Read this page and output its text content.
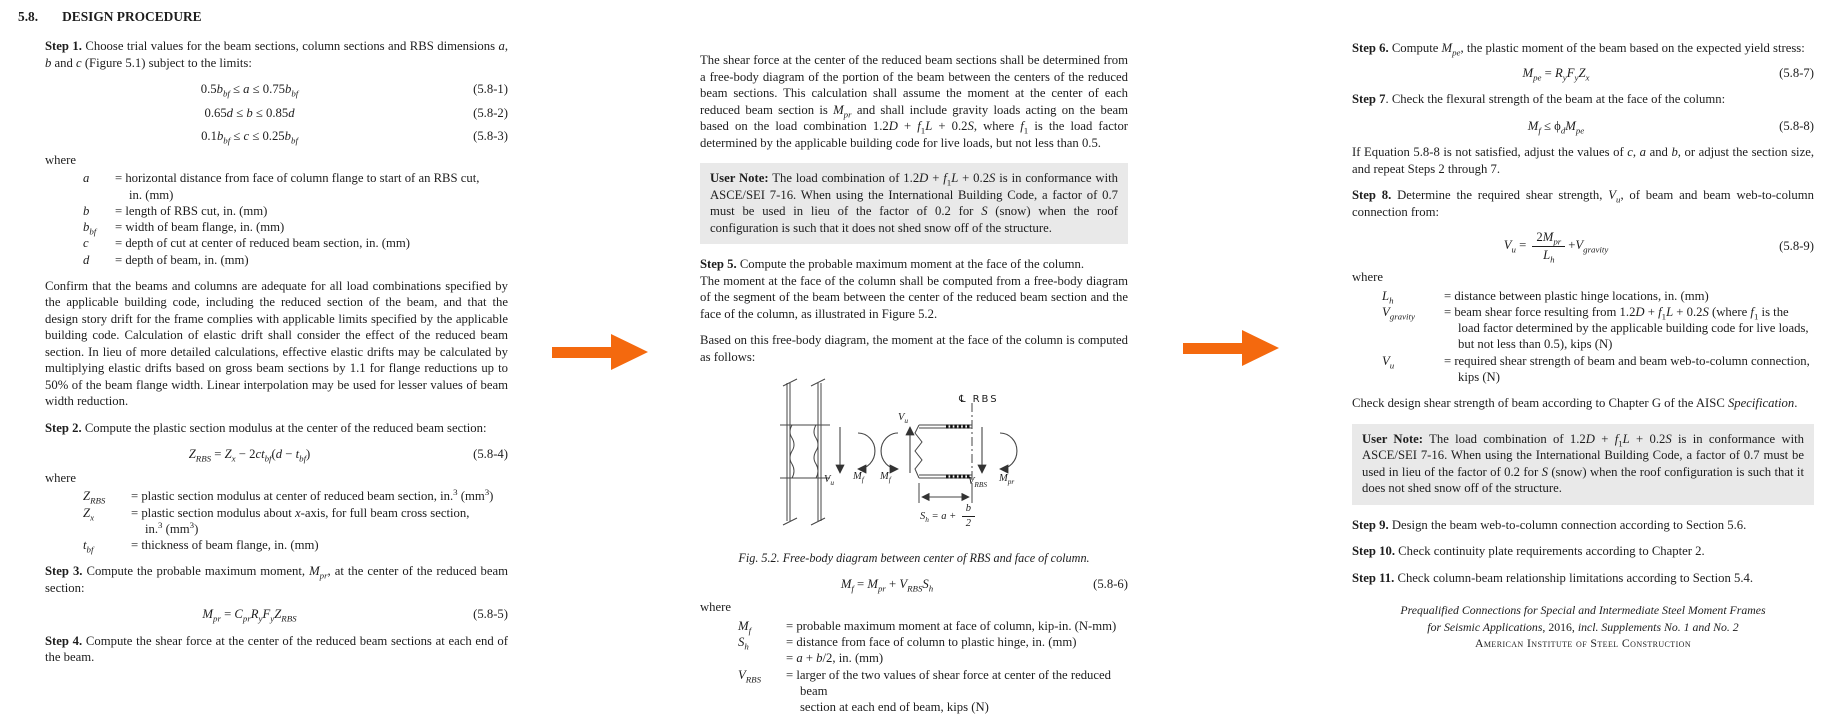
5.8. DESIGN PROCEDURE
Step 1. Choose trial values for the beam sections, column sections and RBS dimensions a, b and c (Figure 5.1) subject to the limits:
$0.5b_{bf} \le a \le 0.75b_{bf}$	(5.8-1)
0.65d ≤ b ≤ 0.85d	(5.8-2)
$0.1b_{bf} \le c \le 0.25b_{bf}$	(5.8-3)
where
a	= horizontal distance from face of column flange to start of an RBS cut,
in. (mm)
b	= length of RBS cut, in. (mm)
$b_{bf}$	= width of beam flange, in. (mm)
c	= depth of cut at center of reduced beam section, in. (mm)
d	= depth of beam, in. (mm)
Confirm that the beams and columns are adequate for all load combinations specified by the applicable building code, including the reduced section of the beam, and that the design story drift for the frame complies with applicable limits specified by the applicable building code. Calculation of elastic drift shall consider the effect of the reduced beam section. In lieu of more detailed calculations, effective elastic drifts may be calculated by multiplying elastic drifts based on gross beam sections by 1.1 for flange reductions up to 50% of the beam flange width. Linear interpolation may be used for lesser values of beam width reduction.
Step 2. Compute the plastic section modulus at the center of the reduced beam section:
$Z_{RBS} = Z_x - 2ct_{bf}(d - t_{bf})$	(5.8-4)
where
$Z_{RBS}$	= plastic section modulus at center of reduced beam section, in.$^3$ $(mm^3)$
$Z_x$	= plastic section modulus about x-axis, for full beam cross section,
in.$^3$ $(mm^3)$
$t_{bf}$	= thickness of beam flange, in. (mm)
Step 3. Compute the probable maximum moment, $M_{pr}$, at the center of the reduced beam section:
$M_{pr} = C_{pr}R_yF_yZ_{RBS}$	(5.8-5)
Step 4. Compute the shear force at the center of the reduced beam sections at each end of the beam.
The shear force at the center of the reduced beam sections shall be determined from a free-body diagram of the portion of the beam between the centers of the reduced beam sections. This calculation shall assume the moment at the center of each reduced beam section is $M_{pr}$ and shall include gravity loads acting on the beam based on the load combination $1.2D + f_1L + 0.2S$, where $f_1$ is the load factor determined by the applicable building code for live loads, but not less than 0.5.
User Note: The load combination of $1.2D + f_1L + 0.2S$ is in conformance with ASCE/SEI 7-16. When using the International Building Code, a factor of 0.7 must be used in lieu of the factor of 0.2 for S (snow) when the roof configuration is such that it does not shed snow off of the structure.
Step 5. Compute the probable maximum moment at the face of the column.
The moment at the face of the column shall be computed from a free-body diagram of the segment of the beam between the center of the reduced beam section and the face of the column, as illustrated in Figure 5.2.
Based on this free-body diagram, the moment at the face of the column is computed as follows:
$V_u$
$M_f$ $M_f$
$V_u$
℄ RBS
$V_{RBS}$
$M_{pr}$
$S_h = a + \frac{b}{2}$
Fig. 5.2. Free-body diagram between center of RBS and face of column.
$M_f = M_{pr} + V_{RBS}S_h$	(5.8-6)
where
$M_f$	= probable maximum moment at face of column, kip-in. (N-mm)
$S_h$	= distance from face of column to plastic hinge, in. (mm)
= a + b/2, in. (mm)
$V_{RBS}$	= larger of the two values of shear force at center of the reduced beam
section at each end of beam, kips (N)
Step 6. Compute $M_{pe}$, the plastic moment of the beam based on the expected yield stress:
$M_{pe} = R_yF_yZ_x$	(5.8-7)
Step 7. Check the flexural strength of the beam at the face of the column:
$M_f \le \phi_dM_{pe}$	(5.8-8)
If Equation 5.8-8 is not satisfied, adjust the values of c, a and b, or adjust the section size, and repeat Steps 2 through 7.
Step 8. Determine the required shear strength, $V_u$, of beam and beam web-to-column connection from:
$V_u = \frac{2M_{pr}}{L_h} +V_{gravity}$	(5.8-9)
where
$L_h$	= distance between plastic hinge locations, in. (mm)
$V_{gravity}$	= beam shear force resulting from $1.2D + f_1L + 0.2S$ (where $f_1$ is the
load factor determined by the applicable building code for live loads,
but not less than 0.5), kips (N)
$V_u$	= required shear strength of beam and beam web-to-column connection,
kips (N)
Check design shear strength of beam according to Chapter G of the AISC Specification.
User Note: The load combination of $1.2D + f_1L + 0.2S$ is in conformance with ASCE/SEI 7-16. When using the International Building Code, a factor of 0.7 must be used in lieu of the factor of 0.2 for S (snow) when the roof configuration is such that it does not shed snow off of the structure.
Step 9. Design the beam web-to-column connection according to Section 5.6.
Step 10. Check continuity plate requirements according to Chapter 2.
Step 11. Check column-beam relationship limitations according to Section 5.4.
Prequalified Connections for Special and Intermediate Steel Moment Frames
for Seismic Applications, 2016, incl. Supplements No. 1 and No. 2
American Institute of Steel Construction
